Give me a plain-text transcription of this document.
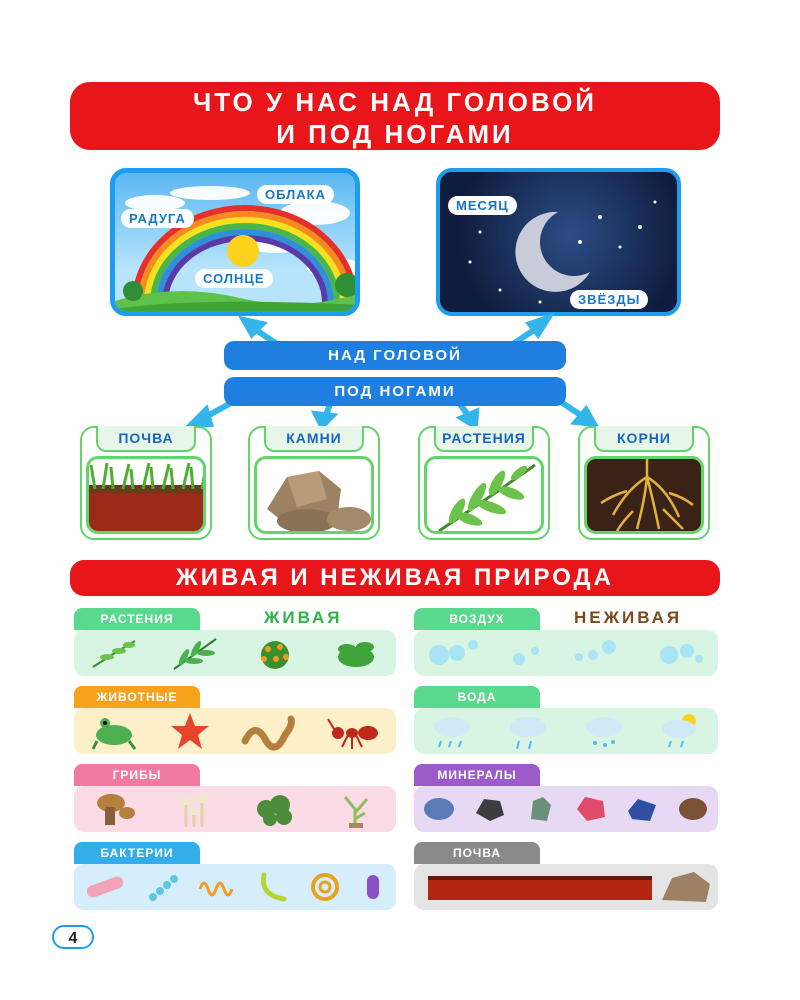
ЧТО У НАС НАД ГОЛОВОЙ
И ПОД НОГАМИ
ОБЛАКА
РАДУГА
СОЛНЦЕ
МЕСЯЦ
ЗВЁЗДЫ
НАД ГОЛОВОЙ
ПОД НОГАМИ
ПОЧВА	КАМНИ	РАСТЕНИЯ	КОРНИ
ЖИВАЯ И НЕЖИВАЯ ПРИРОДА
ЖИВАЯ	НЕЖИВАЯ
РАСТЕНИЯ
ЖИВОТНЫЕ
ГРИБЫ
БАКТЕРИИ
ВОЗДУХ
ВОДА
МИНЕРАЛЫ
ПОЧВА
4
